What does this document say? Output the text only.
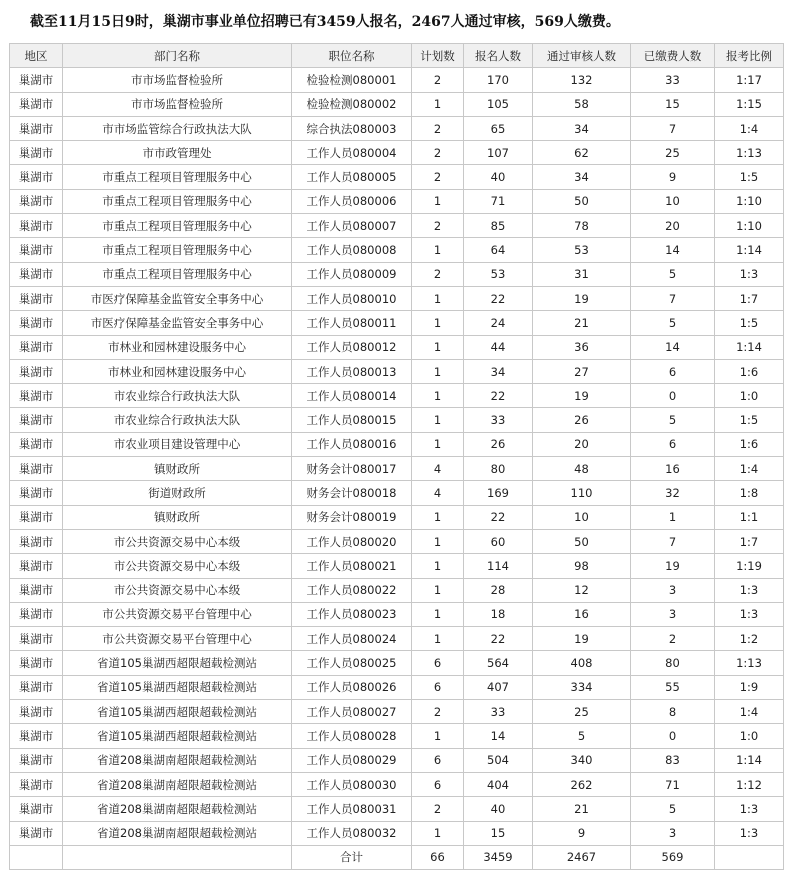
截至11月15日9时，巢湖市事业单位招聘已有3459人报名，2467人通过审核，569人缴费。
地区	部门名称	职位名称	计划数	报名人数	通过审核人数	已缴费人数	报考比例
巢湖市	市市场监督检验所	检验检测080001	2	170	132	33	1:17
巢湖市	市市场监督检验所	检验检测080002	1	105	58	15	1:15
巢湖市	市市场监管综合行政执法大队	综合执法080003	2	65	34	7	1:4
巢湖市	市市政管理处	工作人员080004	2	107	62	25	1:13
巢湖市	市重点工程项目管理服务中心	工作人员080005	2	40	34	9	1:5
巢湖市	市重点工程项目管理服务中心	工作人员080006	1	71	50	10	1:10
巢湖市	市重点工程项目管理服务中心	工作人员080007	2	85	78	20	1:10
巢湖市	市重点工程项目管理服务中心	工作人员080008	1	64	53	14	1:14
巢湖市	市重点工程项目管理服务中心	工作人员080009	2	53	31	5	1:3
巢湖市	市医疗保障基金监管安全事务中心	工作人员080010	1	22	19	7	1:7
巢湖市	市医疗保障基金监管安全事务中心	工作人员080011	1	24	21	5	1:5
巢湖市	市林业和园林建设服务中心	工作人员080012	1	44	36	14	1:14
巢湖市	市林业和园林建设服务中心	工作人员080013	1	34	27	6	1:6
巢湖市	市农业综合行政执法大队	工作人员080014	1	22	19	0	1:0
巢湖市	市农业综合行政执法大队	工作人员080015	1	33	26	5	1:5
巢湖市	市农业项目建设管理中心	工作人员080016	1	26	20	6	1:6
巢湖市	镇财政所	财务会计080017	4	80	48	16	1:4
巢湖市	街道财政所	财务会计080018	4	169	110	32	1:8
巢湖市	镇财政所	财务会计080019	1	22	10	1	1:1
巢湖市	市公共资源交易中心本级	工作人员080020	1	60	50	7	1:7
巢湖市	市公共资源交易中心本级	工作人员080021	1	114	98	19	1:19
巢湖市	市公共资源交易中心本级	工作人员080022	1	28	12	3	1:3
巢湖市	市公共资源交易平台管理中心	工作人员080023	1	18	16	3	1:3
巢湖市	市公共资源交易平台管理中心	工作人员080024	1	22	19	2	1:2
巢湖市	省道105巢湖西超限超载检测站	工作人员080025	6	564	408	80	1:13
巢湖市	省道105巢湖西超限超载检测站	工作人员080026	6	407	334	55	1:9
巢湖市	省道105巢湖西超限超载检测站	工作人员080027	2	33	25	8	1:4
巢湖市	省道105巢湖西超限超载检测站	工作人员080028	1	14	5	0	1:0
巢湖市	省道208巢湖南超限超载检测站	工作人员080029	6	504	340	83	1:14
巢湖市	省道208巢湖南超限超载检测站	工作人员080030	6	404	262	71	1:12
巢湖市	省道208巢湖南超限超载检测站	工作人员080031	2	40	21	5	1:3
巢湖市	省道208巢湖南超限超载检测站	工作人员080032	1	15	9	3	1:3
		合计	66	3459	2467	569	
